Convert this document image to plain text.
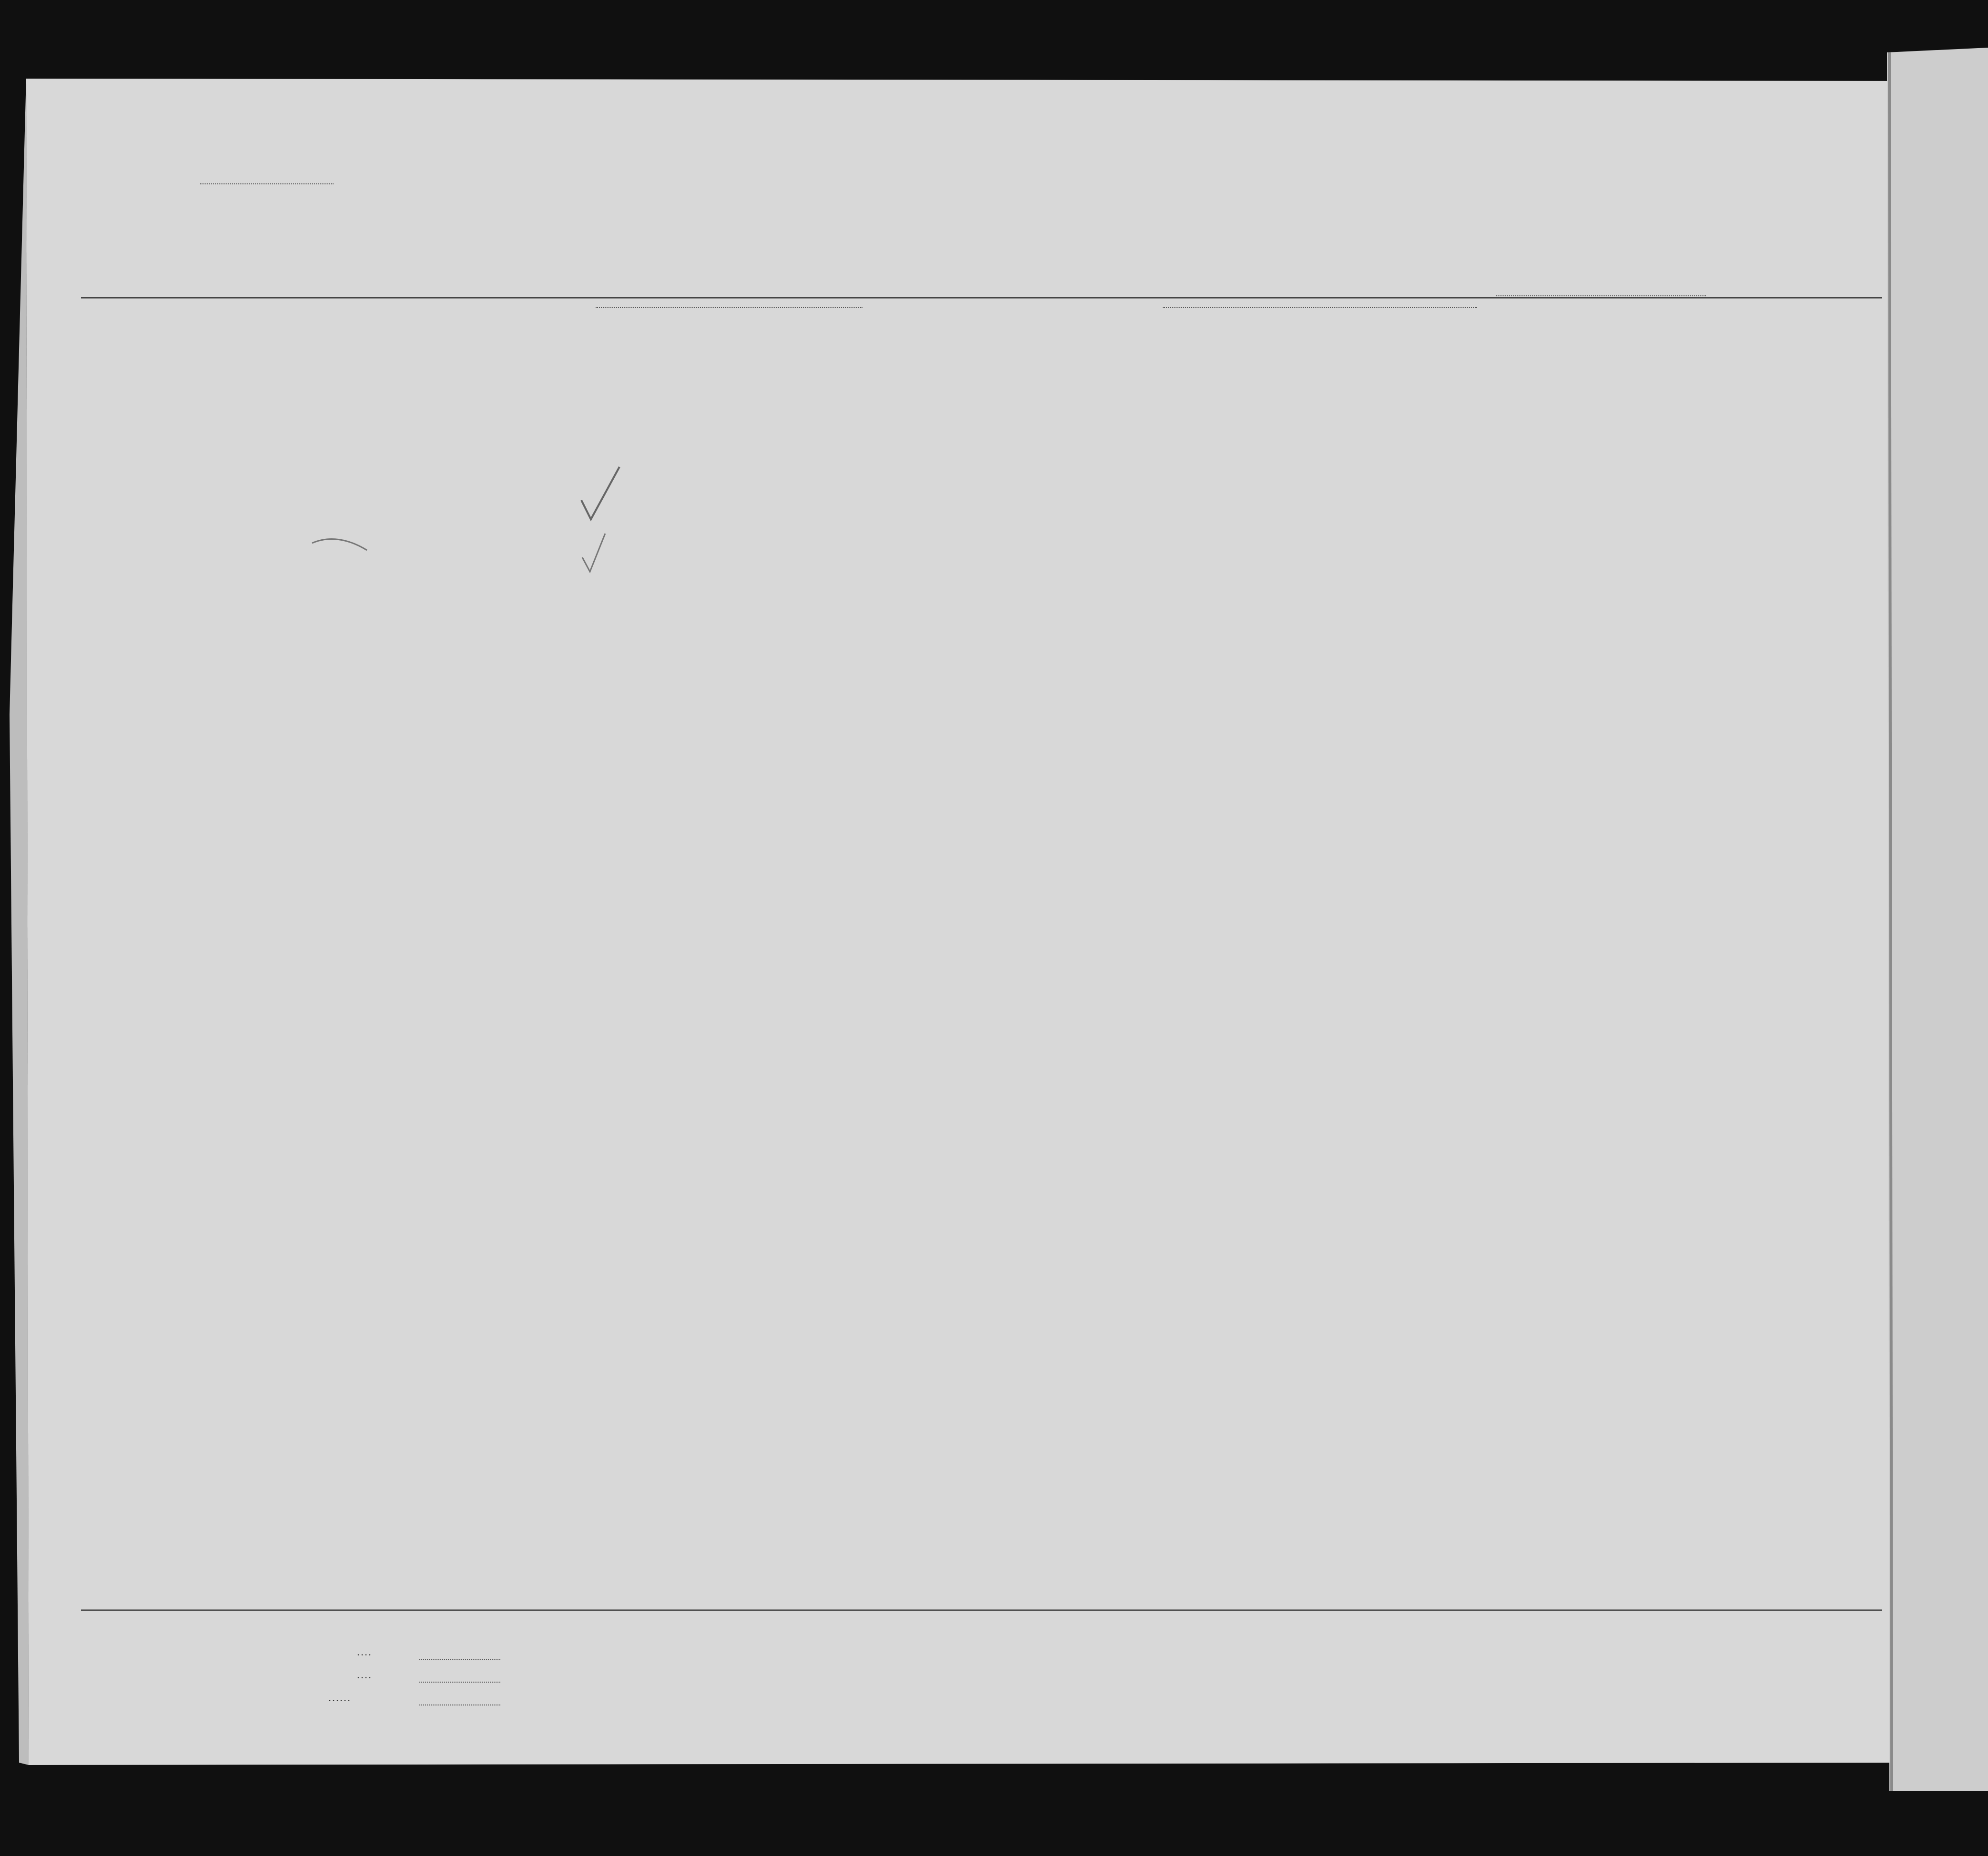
. . . .
. . . .
. . . . . .
